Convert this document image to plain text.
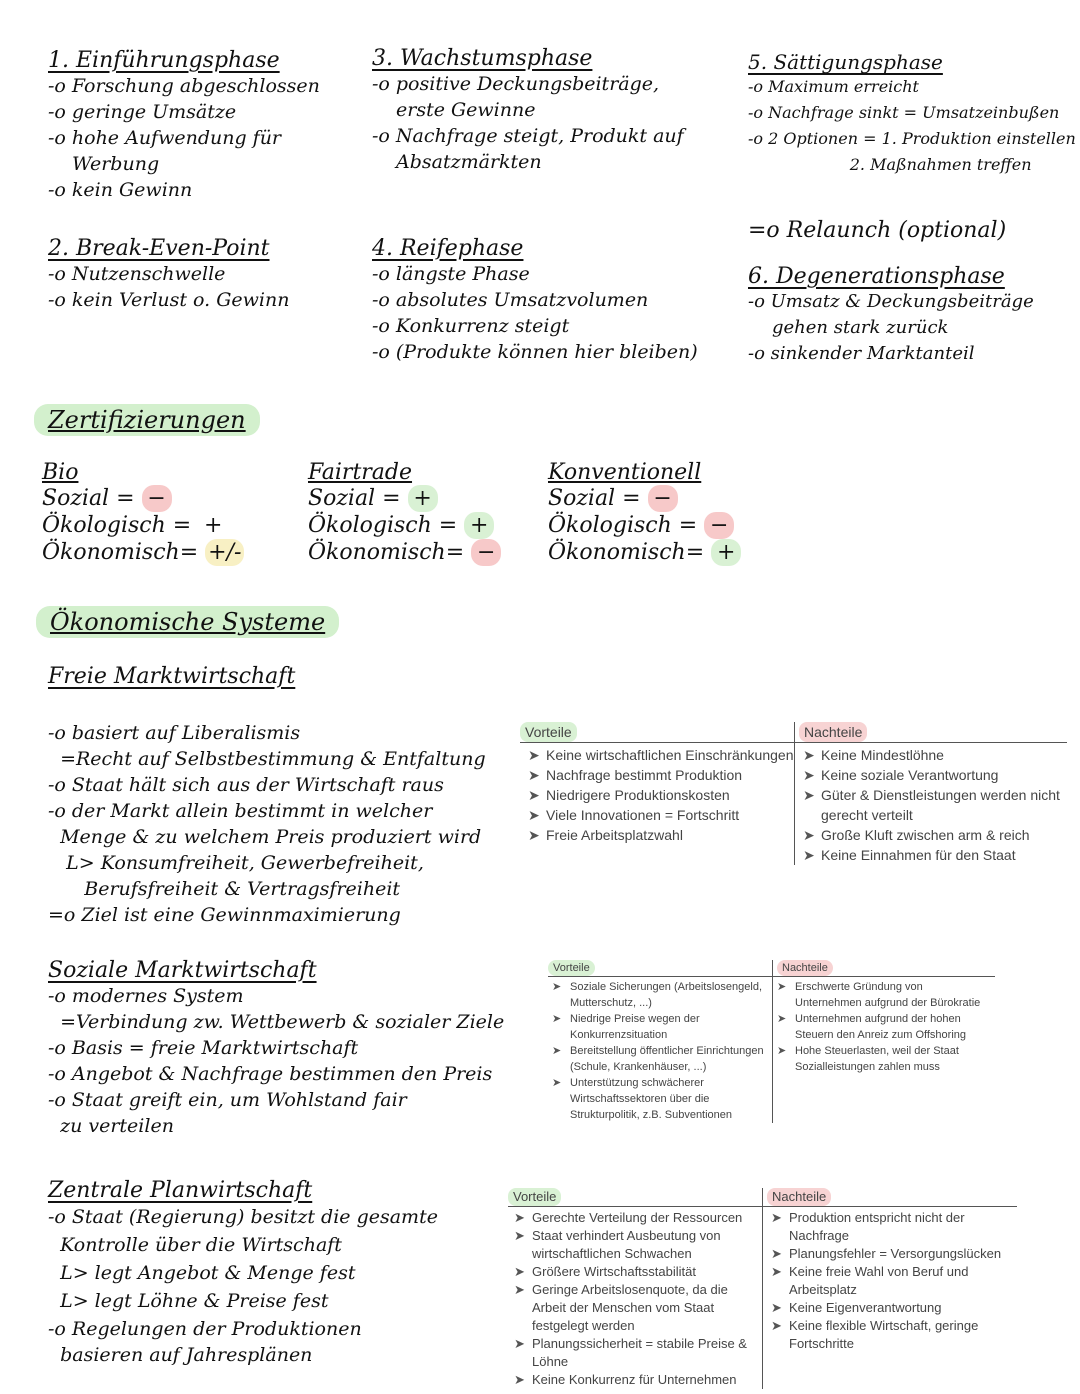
1. Einführungsphase
-o Forschung abgeschlossen
-o geringe Umsätze
-o hohe Aufwendung für
Werbung
-o kein Gewinn
2. Break-Even-Point
-o Nutzenschwelle
-o kein Verlust o. Gewinn
3. Wachstumsphase
-o positive Deckungsbeiträge,
erste Gewinne
-o Nachfrage steigt, Produkt auf
Absatzmärkten
4. Reifephase
-o längste Phase
-o absolutes Umsatzvolumen
-o Konkurrenz steigt
-o (Produkte können hier bleiben)
5. Sättigungsphase
-o Maximum erreicht
-o Nachfrage sinkt = Umsatzeinbußen
-o 2 Optionen = 1. Produktion einstellen
2. Maßnahmen treffen
=o Relaunch (optional)
6. Degenerationsphase
-o Umsatz & Deckungsbeiträge
gehen stark zurück
-o sinkender Marktanteil
Zertifizierungen
Bio
Sozial = −
Ökologisch = +
Ökonomisch= +/-
Fairtrade
Sozial = +
Ökologisch = +
Ökonomisch= −
Konventionell
Sozial = −
Ökologisch = −
Ökonomisch= +
Ökonomische Systeme
Freie Marktwirtschaft
-o basiert auf Liberalismis
=Recht auf Selbstbestimmung & Entfaltung
-o Staat hält sich aus der Wirtschaft raus
-o der Markt allein bestimmt in welcher
Menge & zu welchem Preis produziert wird
L> Konsumfreiheit, Gewerbefreiheit,
Berufsfreiheit & Vertragsfreiheit
=o Ziel ist eine Gewinnmaximierung
Vorteile
➤ Keine wirtschaftlichen Einschränkungen
➤ Nachfrage bestimmt Produktion
➤ Niedrigere Produktionskosten
➤ Viele Innovationen = Fortschritt
➤ Freie Arbeitsplatzwahl
Nachteile
➤ Keine Mindestlöhne
➤ Keine soziale Verantwortung
➤ Güter & Dienstleistungen werden nicht gerecht verteilt
➤ Große Kluft zwischen arm & reich
➤ Keine Einnahmen für den Staat
Soziale Marktwirtschaft
-o modernes System
=Verbindung zw. Wettbewerb & sozialer Ziele
-o Basis = freie Marktwirtschaft
-o Angebot & Nachfrage bestimmen den Preis
-o Staat greift ein, um Wohlstand fair
zu verteilen
Vorteile
➤ Soziale Sicherungen (Arbeitslosengeld, Mutterschutz, ...)
➤ Niedrige Preise wegen der Konkurrenzsituation
➤ Bereitstellung öffentlicher Einrichtungen (Schule, Krankenhäuser, ...)
➤ Unterstützung schwächerer Wirtschaftssektoren über die Strukturpolitik, z.B. Subventionen
Nachteile
➤ Erschwerte Gründung von Unternehmen aufgrund der Bürokratie
➤ Unternehmen aufgrund der hohen Steuern den Anreiz zum Offshoring
➤ Hohe Steuerlasten, weil der Staat Sozialleistungen zahlen muss
Zentrale Planwirtschaft
-o Staat (Regierung) besitzt die gesamte
Kontrolle über die Wirtschaft
L> legt Angebot & Menge fest
L> legt Löhne & Preise fest
-o Regelungen der Produktionen
basieren auf Jahresplänen
Vorteile
➤ Gerechte Verteilung der Ressourcen
➤ Staat verhindert Ausbeutung von wirtschaftlichen Schwachen
➤ Größere Wirtschaftsstabilität
➤ Geringe Arbeitslosenquote, da die Arbeit der Menschen vom Staat festgelegt werden
➤ Planungssicherheit = stabile Preise & Löhne
➤ Keine Konkurrenz für Unternehmen
Nachteile
➤ Produktion entspricht nicht der Nachfrage
➤ Planungsfehler = Versorgungslücken
➤ Keine freie Wahl von Beruf und Arbeitsplatz
➤ Keine Eigenverantwortung
➤ Keine flexible Wirtschaft, geringe Fortschritte
